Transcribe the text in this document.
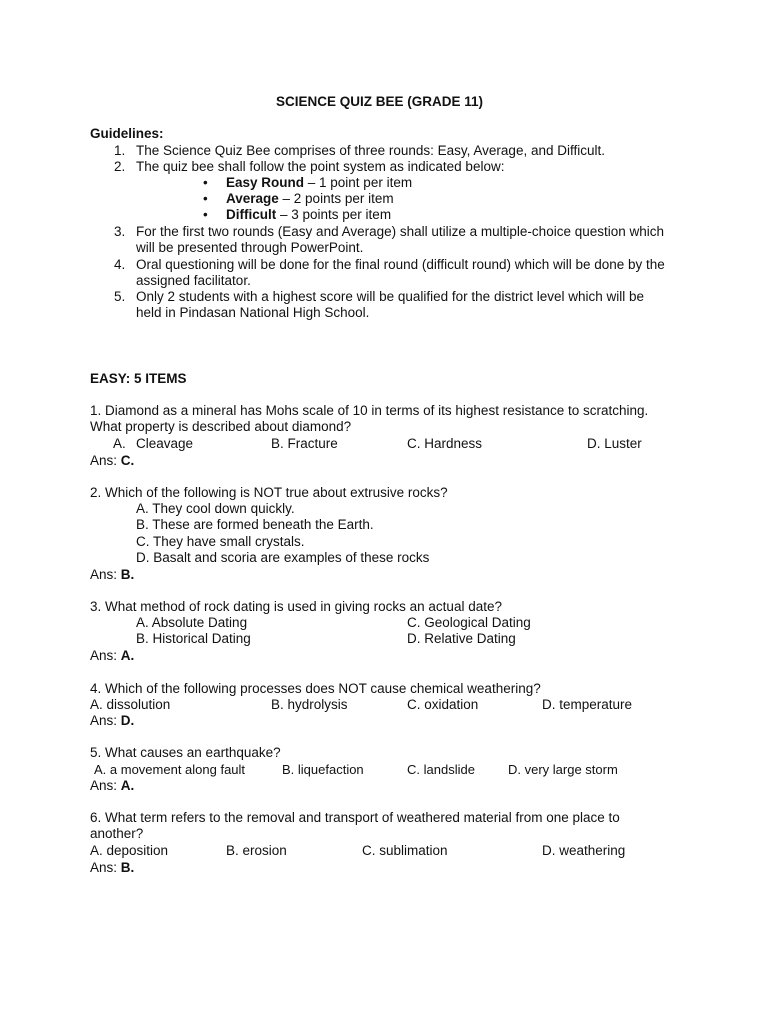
SCIENCE QUIZ BEE (GRADE 11)
Guidelines:
1. The Science Quiz Bee comprises of three rounds: Easy, Average, and Difficult.
2. The quiz bee shall follow the point system as indicated below:
• Easy Round – 1 point per item
• Average – 2 points per item
• Difficult – 3 points per item
3. For the first two rounds (Easy and Average) shall utilize a multiple-choice question which
will be presented through PowerPoint.
4. Oral questioning will be done for the final round (difficult round) which will be done by the
assigned facilitator.
5. Only 2 students with a highest score will be qualified for the district level which will be
held in Pindasan National High School.
EASY: 5 ITEMS
1. Diamond as a mineral has Mohs scale of 10 in terms of its highest resistance to scratching.
What property is described about diamond?
A. Cleavage	B. Fracture	C. Hardness	D. Luster
Ans: C.
2. Which of the following is NOT true about extrusive rocks?
A. They cool down quickly.
B. These are formed beneath the Earth.
C. They have small crystals.
D. Basalt and scoria are examples of these rocks
Ans: B.
3. What method of rock dating is used in giving rocks an actual date?
A. Absolute Dating	C. Geological Dating
B. Historical Dating	D. Relative Dating
Ans: A.
4. Which of the following processes does NOT cause chemical weathering?
A. dissolution	B. hydrolysis	C. oxidation	D. temperature
Ans: D.
5. What causes an earthquake?
A. a movement along fault	B. liquefaction	C. landslide	D. very large storm
Ans: A.
6. What term refers to the removal and transport of weathered material from one place to
another?
A. deposition	B. erosion	C. sublimation	D. weathering
Ans: B.
